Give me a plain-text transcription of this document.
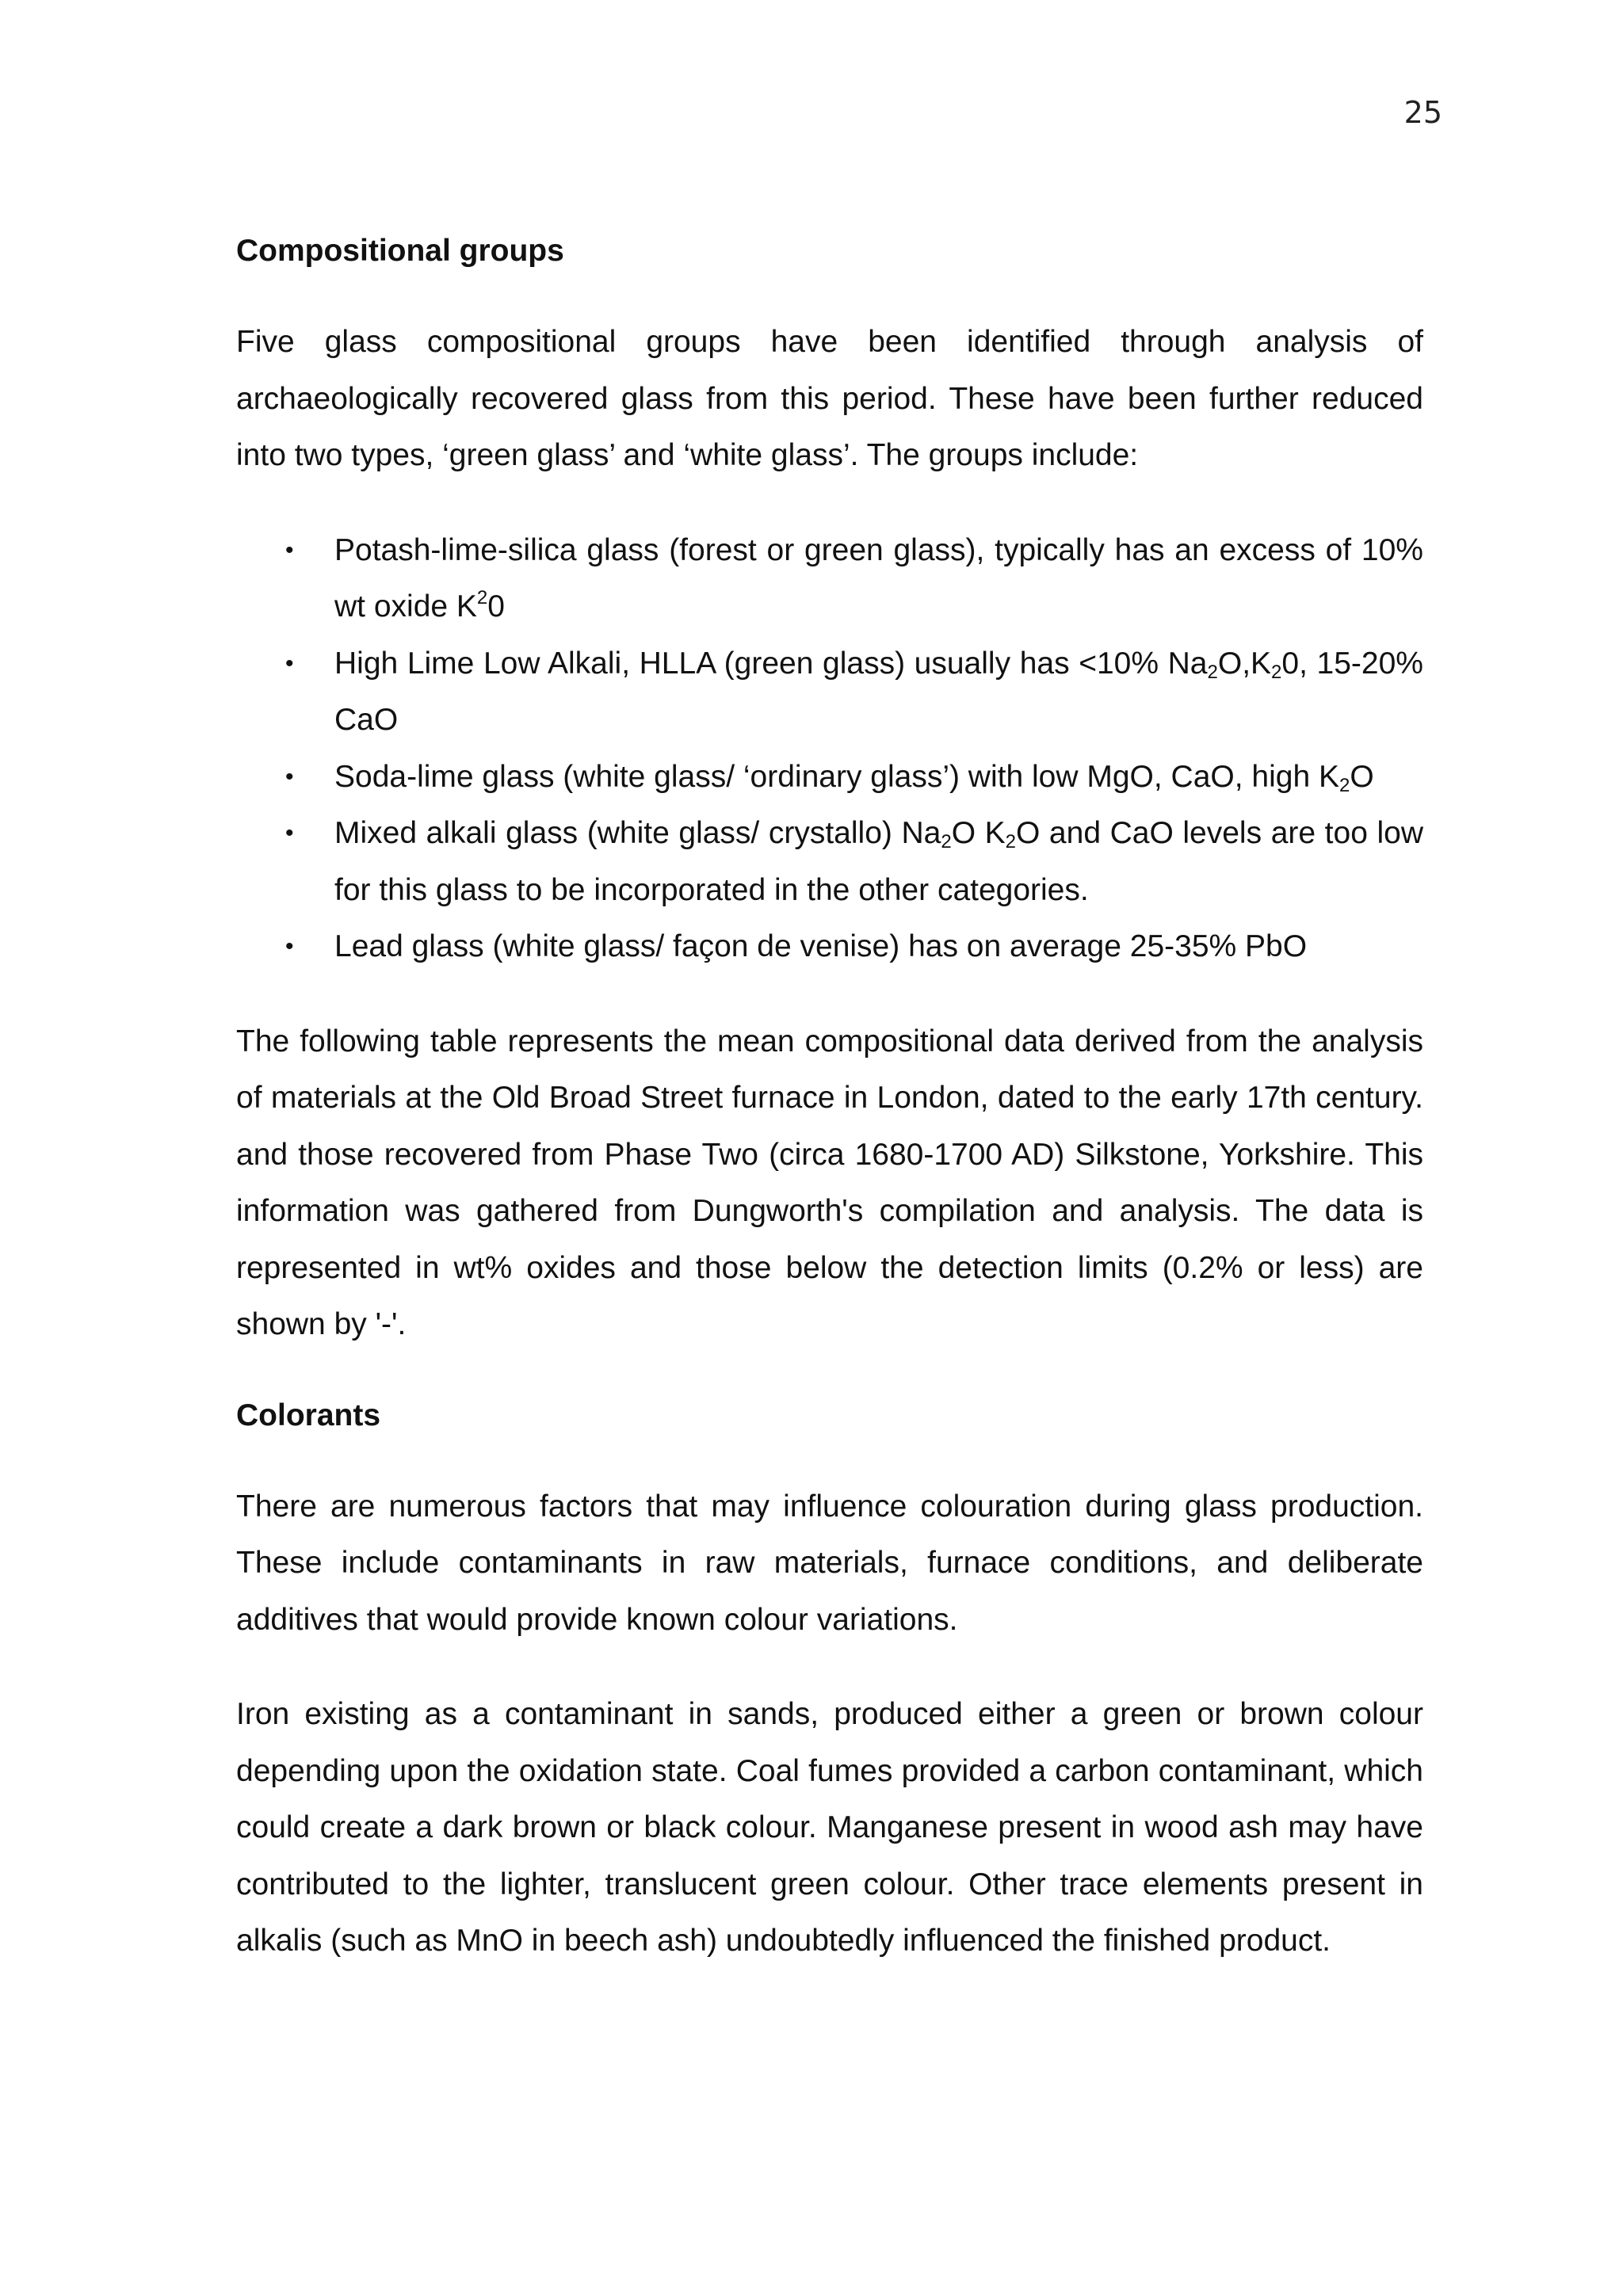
25
Compositional groups

Five glass compositional groups have been identified through analysis of archaeologically recovered glass from this period. These have been further reduced into two types, ‘green glass’ and ‘white glass’. The groups include:

• Potash-lime-silica glass (forest or green glass), typically has an excess of 10% wt oxide $K^20$
• High Lime Low Alkali, HLLA (green glass) usually has <10% $Na_2O,K_20$, 15-20% CaO
• Soda-lime glass (white glass/ ‘ordinary glass’) with low MgO, CaO, high $K_2O$
• Mixed alkali glass (white glass/ crystallo) $Na_2O$ $K_2O$ and CaO levels are too low for this glass to be incorporated in the other categories.
• Lead glass (white glass/ façon de venise) has on average 25-35% PbO

The following table represents the mean compositional data derived from the analysis of materials at the Old Broad Street furnace in London, dated to the early 17th century. and those recovered from Phase Two (circa 1680-1700 AD) Silkstone, Yorkshire. This information was gathered from Dungworth's compilation and analysis. The data is represented in wt% oxides and those below the detection limits (0.2% or less) are shown by '-'.

Colorants

There are numerous factors that may influence colouration during glass production. These include contaminants in raw materials, furnace conditions, and deliberate additives that would provide known colour variations.

Iron existing as a contaminant in sands, produced either a green or brown colour depending upon the oxidation state. Coal fumes provided a carbon contaminant, which could create a dark brown or black colour. Manganese present in wood ash may have contributed to the lighter, translucent green colour. Other trace elements present in alkalis (such as MnO in beech ash) undoubtedly influenced the finished product.
